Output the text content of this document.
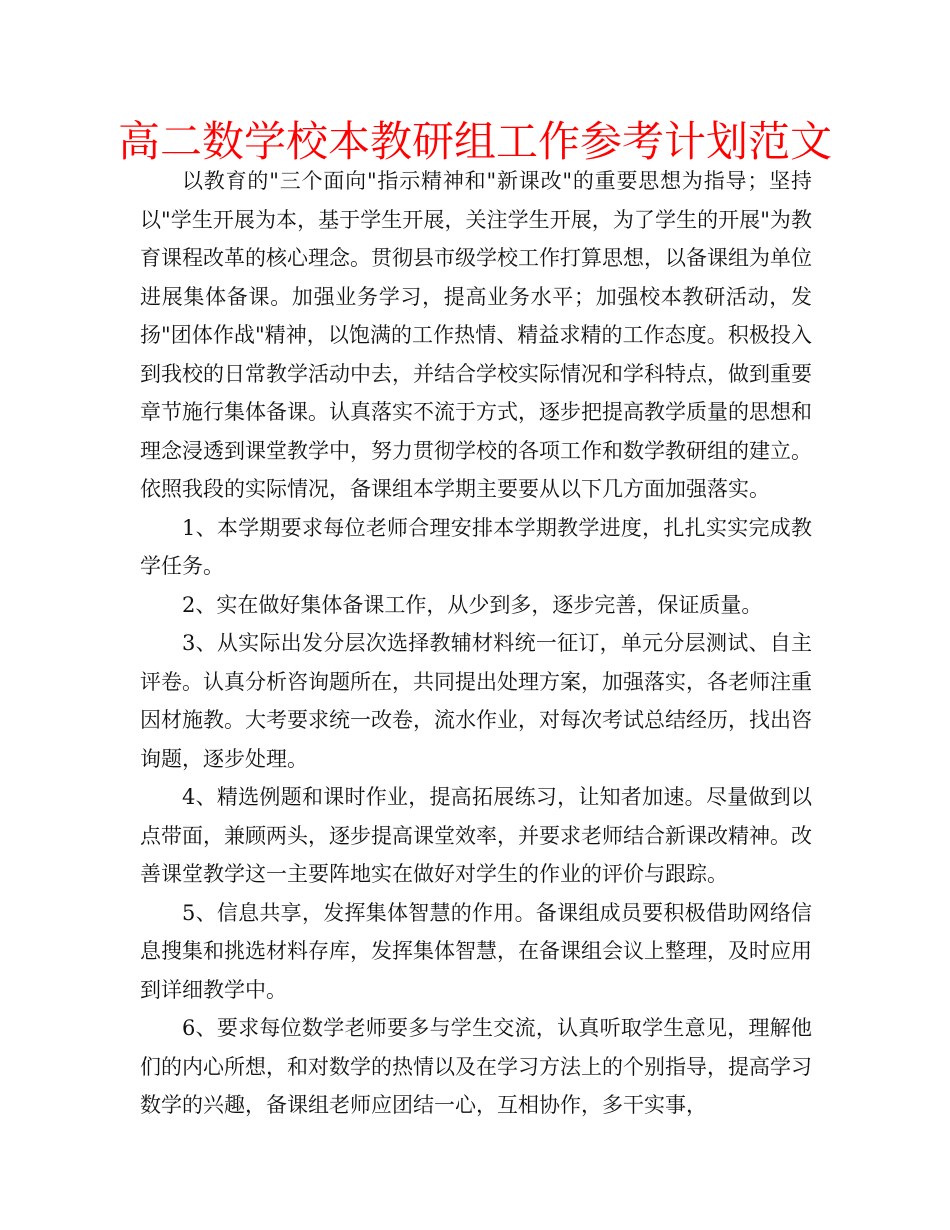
高二数学校本教研组工作参考计划范文

以教育的"三个面向"指示精神和"新课改"的重要思想为指导；坚持以"学生开展为本，基于学生开展，关注学生开展，为了学生的开展"为教育课程改革的核心理念。贯彻县市级学校工作打算思想，以备课组为单位进展集体备课。加强业务学习，提高业务水平；加强校本教研活动，发扬"团体作战"精神，以饱满的工作热情、精益求精的工作态度。积极投入到我校的日常教学活动中去，并结合学校实际情况和学科特点，做到重要章节施行集体备课。认真落实不流于方式，逐步把提高教学质量的思想和理念浸透到课堂教学中，努力贯彻学校的各项工作和数学教研组的建立。依照我段的实际情况，备课组本学期主要要从以下几方面加强落实。

1、本学期要求每位老师合理安排本学期教学进度，扎扎实实完成教学任务。

2、实在做好集体备课工作，从少到多，逐步完善，保证质量。

3、从实际出发分层次选择教辅材料统一征订，单元分层测试、自主评卷。认真分析咨询题所在，共同提出处理方案，加强落实，各老师注重因材施教。大考要求统一改卷，流水作业，对每次考试总结经历，找出咨询题，逐步处理。

4、精选例题和课时作业，提高拓展练习，让知者加速。尽量做到以点带面，兼顾两头，逐步提高课堂效率，并要求老师结合新课改精神。改善课堂教学这一主要阵地实在做好对学生的作业的评价与跟踪。

5、信息共享，发挥集体智慧的作用。备课组成员要积极借助网络信息搜集和挑选材料存库，发挥集体智慧，在备课组会议上整理，及时应用到详细教学中。

6、要求每位数学老师要多与学生交流，认真听取学生意见，理解他们的内心所想，和对数学的热情以及在学习方法上的个别指导，提高学习数学的兴趣，备课组老师应团结一心，互相协作，多干实事，
